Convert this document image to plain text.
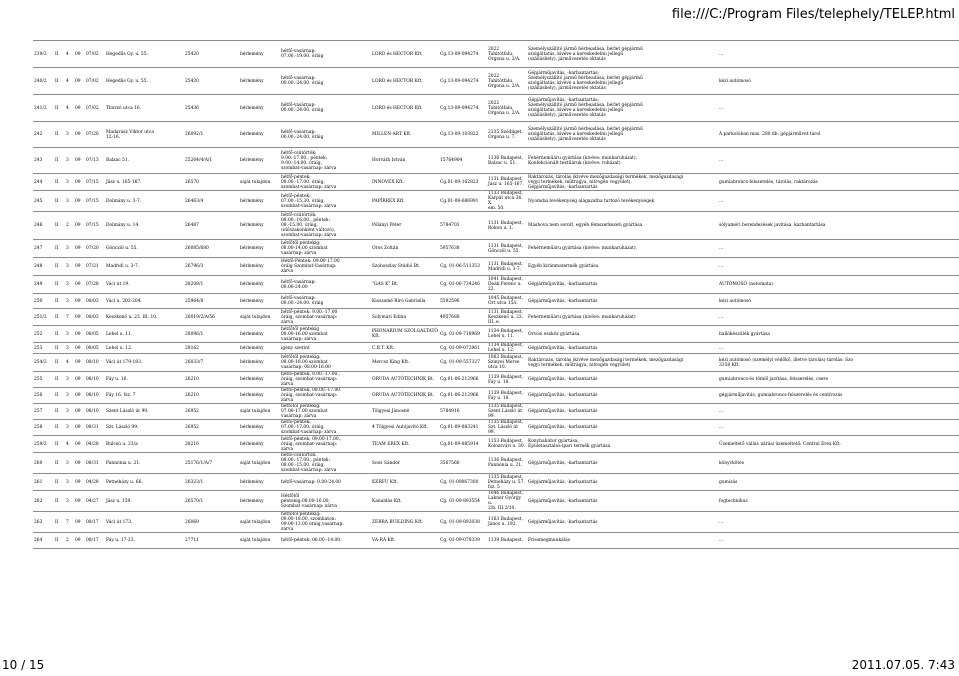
file:///C:/Program Files/telephely/TELEP.html
239/2	II	4	09	07/02	Hegedűs Gy. u. 55.	25420	bérlemény	hétfő-vasárnap:
07.00.-19.00. óráig	LORD és HECTOR Kft.	Cg.13-09-094274	2022 Tahitótfalu,
Orgona u. 2/A.	Személyszállító jármű bérbeadása, bérlet gépjármű
szolgáltatás, kivéve a kereskedelmi jellegű
(szálláshely), járművezetés oktatás	...
240/2	II	4	09	07/02	Hegedűs Gy. u. 55.	25420	bérlemény	hétfő-vasárnap:
00.00.-24.00. óráig	LORD és HECTOR Kft.	Cg.13-09-094274	2022 Tahitótfalu,
Orgona u. 2/A.	Gépjárműjavítás, -karbantartás;
Személyszállító jármű bérbeadása, bérlet gépjármű
szolgáltatás, kivéve a kereskedelmi jellegű
(szálláshely), járművezetés oktatás	kézi autómosó
241/2	II	4	09	07/02	Thurzó utca 16.	25436	bérlemény	hétfő-vasárnap:
00.00.-24.00. óráig	LORD és HECTOR Kft.	Cg.13-09-094274	2022 Tahitótfalu,
Orgona u. 2/A.	Gépjárműjavítás, -karbantartás;
Személyszállító jármű bérbeadása, bérlet gépjármű
szolgáltatás, kivéve a kereskedelmi jellegű
(szálláshely), járművezetés oktatás	...
242	II	3	09	07/20	Madarász Viktor utca
12-16.	26092/1	bérlemény	hétfő-vasárnap:
00.00.-24.00. óráig	MILLEN-ART Kft.	Cg.13-09-103822	2135 Szódliget,
Orgona u. 7.	Személyszállító jármű bérbeadása, bérlet gépjármű
szolgáltatás, kivéve a kereskedelmi jellegű
(szálláshely), járművezetés oktatás	A parkolóban max. 280 db. gépjárművet tárol
243	II	3	09	07/13	Balzac 51.	25264/4/A/1	bérlemény	hétfő-csütörtök:
9.00.-17.00., péntek:
9.00.-14.00. óráig,
szombat-vasárnap: zárva	Horváth István	15764904	1136 Budapest,
Balzac u. 51.	Fehérneműáru gyártása (kivéve: munkaruházat),
Konfekcionált textiláruk (kivéve: ruházat)	...
244	II	3	09	07/15	Jász u. 165-167.	26570	saját tulajdon	hétfő-péntek:
08.00.-17.00. óráig,
szombat-vasárnap: zárva	INNOVEX Kft.	Cg.01-09-162823	1131 Budapest,
Jász u. 165-167.	Raktározás, tárolás (kivéve mezőgazdasági termékek, mezőgazdasági
vegyi termékek, műtrágya, nitrogén vegyület),
Gépjárműjavítás, -karbantartás	gumiabroncs-felszerelés, tárolás, raktározás
245	II	3	09	07/15	Dolmány u. 3-7.	26463/4	bérlemény	hétfő-péntek:
07.00.-15.30. óráig,
szombat-vasárnap: zárva	PAPÍRREX Kft.	Cg.01-09-686991	1133 Budapest,
Kárpát utca 36. X.
em. 50.	Nyomdai tevékenység alágazatba tartozó tevékenységek	...
246	II	2	09	07/15	Dolmány u. 14.	26487	bérlemény	hétfő-csütörtök:
08.00.-16.00., péntek:
08.-15.00. óráig,
(időszakonként változó),
szombat-vasárnap: zárva	Pólányi Péter	5784703	1131 Budapest,
Rokon u. 1.	Máshova nem sorolt, egyéb fémszerkezeti gyártása	sólyaméri berendezések javítása, karbantartása
247	II	3	09	07/20	Gönczöl u. 55.	26085/680	bérlemény	hétfőtől péntekig:
08.00-14.00 szombat
vasárnap: zárva	Oros Zoltán	5957638	1131 Budapest,
Gönczöl u. 55.	Fehérneműáru gyártása (kivéve: munkaruházat),	...
248	II	3	09	07/21	Madridi u. 3-7.	26796/3	bérlemény	Hétfő-Péntek: 09.00-17.00
óráig Szombat-Vasárnap:
zárva	Szoboszlay Stúdió Bt.	Cg. 01-06-511353	1131 Budapest,
Madridi u. 3-7.	Egyéb kiránmatermék gyártása	...
249	II	3	09	07/28	Váci út 19.	28208/1	bérlemény	hétfő-vasárnap:
00.00-24.00	"GAS K" Bt.	Cg. 01-06-734246	1041 Budapest,
Deák Ferenc u.
22.	Gépjárműjavítás, -karbantartás	AUTÓMOSÓ (automata)
250	II	3	09	08/03	Váci u. 202-204.	25964/8	bérlemény	hétfő-vasárnap:
00.00.-24.00. óráig	Kisszamé Bíró Gabriella	5592596	1045 Budapest,
Órt utca 15/i.	Gépjárműjavítás, -karbantartás	kézi autómosó
251/2	II	7	09	08/03	Keszkenő u. 23. III. 10.	26019/2/A/56	saját tulajdon	hétfő-péntek: 9.00.-17.00
óráig, szombat-vasárnap:
zárva	Solymári Edina	4957688	1131 Budapest,
Keszkenő u. 23.
III. e.	Fehérneműáru gyártása (kivéve: munkaruházat)	...
252	II	3	09	08/05	Lehel u. 11.	28096/1	bérlemény	hétfőtől péntekig
08.00-16.00 szombat
vasárnap: zárva	PHONARIUM SZOLGÁLTATÓ
Kft.	Cg. 01-09-718969	1134 Budapest,
Lehel u. 11.	Orvosi eszköz gyártása	hallókészülék gyártása
253	II	3	09	08/05	Lehel u. 12.	28162	bérlemény	igény szerint	C.B.T. Kft.	Cg. 01-09-072961	1134 Budapest,
Lehel u. 12.	Gépjárműjavítás, -karbantartás	...
254/2	II	4	09	08/10	Váci út 179-183.	26033/7	bérlemény	hétfőtől péntekig:
08.00-18.00 szombat
vasárnap: 08.00-16.00	Mercsz King Kft.	Cg. 01-09-557327	1063 Budapest,
Szinyei Merse
utca 10.	Raktározás, tárolás (kivéve mezőgazdasági termékek, mezőgazdasági
vegyi termékek, műtrágya, nitrogén vegyület)	kézi autómosó (személyi védőkő, illetve tárolás) tárolás: Szo
3358 Kft.
255	II	3	09	08/10	Fáy u. 16.	26210	bérlemény	hétfő-péntek: 8.00.-17.00.,
óráig, szombat-vasárnap:
zárva	ORUDA AUTÓTECHNIK Bt.	Cg.01-06-212966	1139 Budapest,
Fáy u. 18.	Gépjárműjavítás, -karbantartás	gumiabroncs-és tömlő javítása, felszerelés, csere
256	II	3	09	08/10	Fáy 16. fsz. 7	26210	bérlemény	hétfő-péntek: 08.00.-17.00.
óráig, szombat-vasárnap:
zárva	ORUDA AUTÓTECHNIK Bt.	Cg.01-06-212966	1139 Budapest,
Fáy u. 18.	Gépjárműjavítás, -karbantartás	gépjárműjavítás, gumiabroncs-felszerelés és centírozás
257	II	3	09	08/10	Szent László út 99.	26952	saját tulajdon	hétfőtől péntekig:
07.00-17.00 szombat
vasárnap: zárva	Tölgyesi Jánosné	5784916	1135 Budapest,
Szent László út
99.	Gépjárműjavítás, -karbantartás	...
258	II	3	09	08/31	Szt. László 99.	26952	bérlemény	hétfő-péntek:
07.00.-17.00. óráig,
szombat-vasárnap: zárva	4 Tölgyesi Autójavító Kft.	Cg.01-09-883241	1135 Budapest,
Szt. László út 99.	Gépjárműjavítás, -karbantartás	...
259/2	II	4	09	04/28	Bulcsú u. 23/a	28216	bérlemény	hétfő-péntek: 09.00-17.00.,
óráig, szombat-vasárnap:
zárva	TEAM EREX Kft.	Cg.01-09-885914	1153 Budapest,
Kolozsvári u. 30.	Konyhabútor gyártása,
Épületasztalos-ipari termék gyártása	Üzemeltető vállal: zárási üzemeltető: Central Erex Kft.
260	II	3	09	08/31	Pannónia u. 21.	25176/1/A/7	saját tulajdon	hétfő-csütörtök:
08.00.-17.00., péntek:
08.00.-15.00. óráig,
szombat-vasárnap: zárva	Soós Sándor	3567566	1136 Budapest,
Pannónia u. 21.	Gépjárműjavítás, -karbantartás	könyvkötés
261	II	3	09	04/28	Petneházy u. 66.	26323/1	bérlemény	hétfő-vasárnap: 0.00-24.00	KERFU Kft.	Cg. 01-09067300	1135 Budapest,
Petneházy u. 57.
fsz. 5	Gépjárműjavítás, -karbantartás	gumizás
262	II	3	09	04/27	Jász u. 159.	26570/1	bérlemény	Hétfőtől
péntekig:08.00-16.00,
Szombat vasárnap: zárva	Kanaldás Kft.	Cg. 01-09-893554	1046 Budapest,
Lakner György u.
2/b. III.2/10.	Gépjárműjavítás, -karbantartás	fogtechnikus
263	II	7	09	08/17	Váci út 173.	26069	saját tulajdon	hétfőtől péntekig:
09.00-18.00, szombaton:
09.00-13.00 óráig,vasárnap:
zárva	ZEBRA BUILDING Kft.	Cg. 01-09-893038	1163 Budapest,
János u. 192.	Gépjárműjavítás, -karbantartás	...
264	II	2	09	08/17	Fáy u. 17-23.	27711	saját tulajdon	hétfő-péntek: 06.00.-14.00.	VA-RA Kft.	Cg. 01-09-078339	1139 Budapest,	Frissmegmunkálás	...
10 / 15	2011.07.05. 7:43
